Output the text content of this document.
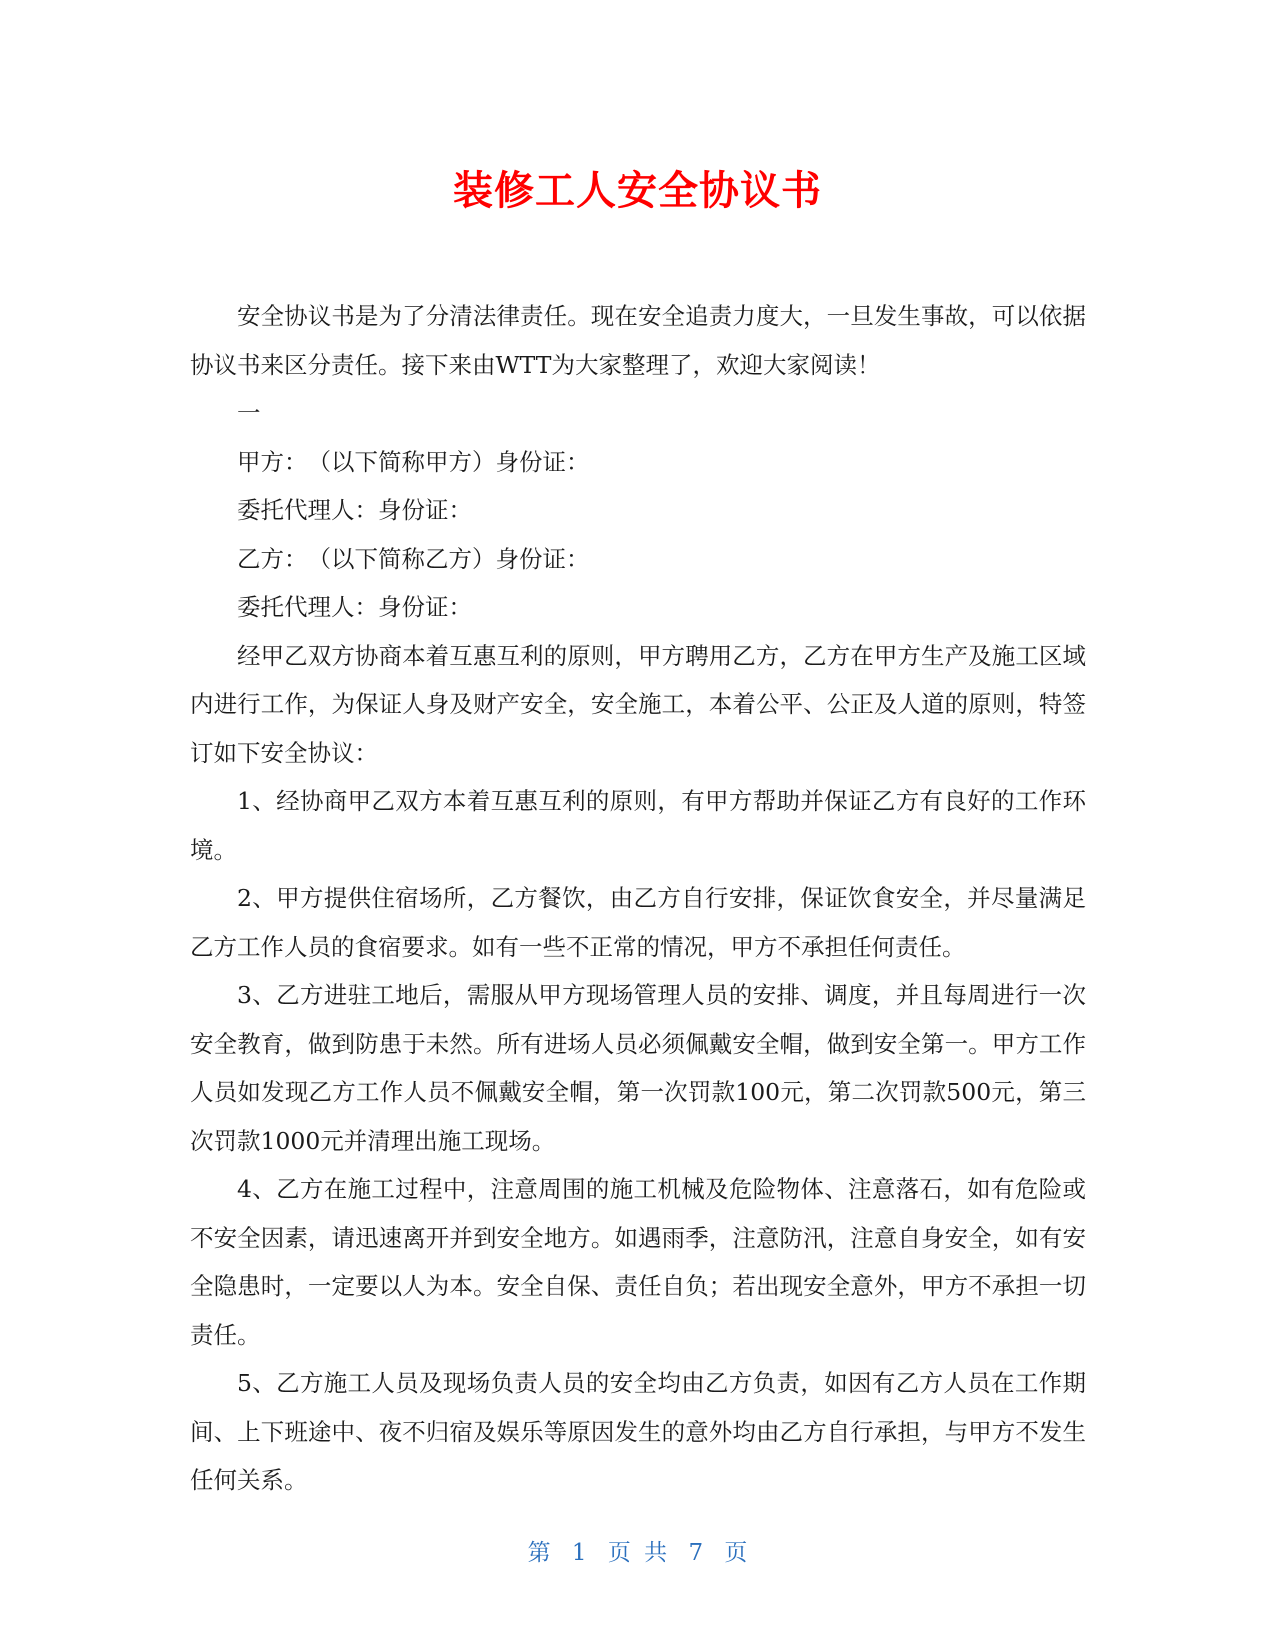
装修工人安全协议书

安全协议书是为了分清法律责任。现在安全追责力度大，一旦发生事故，可以依据协议书来区分责任。接下来由WTT为大家整理了，欢迎大家阅读！

一

甲方：　（以下简称甲方）身份证：

委托代理人：身份证：

乙方：　（以下简称乙方）身份证：

委托代理人：身份证：

经甲乙双方协商本着互惠互利的原则，甲方聘用乙方，乙方在甲方生产及施工区域内进行工作，为保证人身及财产安全，安全施工，本着公平、公正及人道的原则，特签订如下安全协议：

1、经协商甲乙双方本着互惠互利的原则，有甲方帮助并保证乙方有良好的工作环境。

2、甲方提供住宿场所，乙方餐饮，由乙方自行安排，保证饮食安全，并尽量满足乙方工作人员的食宿要求。如有一些不正常的情况，甲方不承担任何责任。

3、乙方进驻工地后，需服从甲方现场管理人员的安排、调度，并且每周进行一次安全教育，做到防患于未然。所有进场人员必须佩戴安全帽，做到安全第一。甲方工作人员如发现乙方工作人员不佩戴安全帽，第一次罚款100元，第二次罚款500元，第三次罚款1000元并清理出施工现场。

4、乙方在施工过程中，注意周围的施工机械及危险物体、注意落石，如有危险或不安全因素，请迅速离开并到安全地方。如遇雨季，注意防汛，注意自身安全，如有安全隐患时，一定要以人为本。安全自保、责任自负；若出现安全意外，甲方不承担一切责任。

5、乙方施工人员及现场负责人员的安全均由乙方负责，如因有乙方人员在工作期间、上下班途中、夜不归宿及娱乐等原因发生的意外均由乙方自行承担，与甲方不发生任何关系。

第 1 页 共 7 页
